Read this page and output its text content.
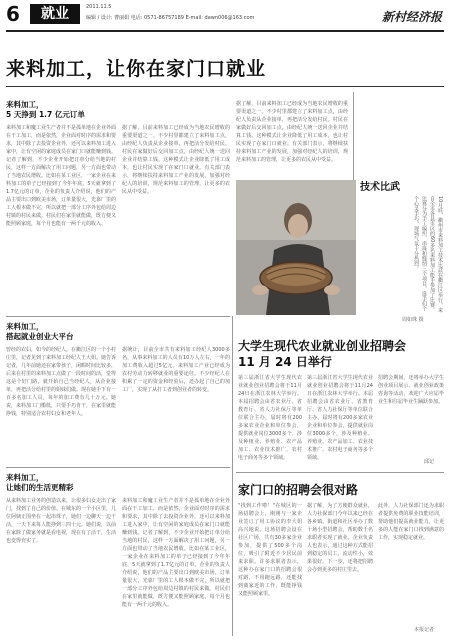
6	就业	2011.11.5
编辑 / 设计: 曹丽娟 电话: 0571-86757189 E-mail: dawn006@163.com	新村经济报
来料加工，让你在家门口就业
来料加工，
5 天挣到 1.7 亿元订单
来料加工和魔工业生产者并不是孤单地在企业外面在干工加工，而是依然，企业面对时序的需求和要求，其中除了去投资企业外，还可以来料加工进入家中，让有空闲的家庭成员在家门口就能赚到钱。记者了解到，不少企业开始把订单分给当地的村民，这样一方面解决了用工问题，另一方面也带动了当地农民增收。比如在某工业区，一家企业在来料加工的单子已经接到了今年年底，5天就拿到了1.7亿元的订单，企业的负责人介绍说，他们的产品主要出口到欧美市场，订单量很大，光靠厂里的工人根本做不完，所以就把一部分工序外包给周边村镇的村民来做。村民们在家里就能做，既方便又能照顾家庭，每个月也能有一两千元的收入。
据了解，目前来料加工已经成为当地农民增收的重要渠道之一。不少村里都建立了来料加工点，由经纪人负责从企业接单，再把活分发给村民。村民在家做好后交回加工点，由经纪人统一送回企业并结算工钱。这种模式让企业降低了用工成本，也让村民实现了在家门口就业。有关部门表示，将继续扶持来料加工产业的发展，加强对经纪人的培训，规范来料加工的管理，让更多的农民从中受益。
据了解，目前来料加工已经成为当地农民增收的重要渠道之一。不少村里都建立了来料加工点，由经纪人负责从企业接单，再把活分发给村民。村民在家做好后交回加工点，由经纪人统一送回企业并结算工钱。这种模式让企业降低了用工成本，也让村民实现了在家门口就业。有关部门表示，将继续扶持来料加工产业的发展，加强对经纪人的培训，规范来料加工的管理，让更多的农民从中受益。
技术比武
10月底，衢州市来料加工技术比武在衢江区举行，来自全市各县市区的60多名来料加工能手参加了比赛。比赛分为手工编织、串珠和缝纫三个项目，选手们个个心灵手巧，现场气氛十分热烈。
周如珠 摄
来料加工，
搭起就业创业大平台
曾经的农妇，如今的经纪人。在衢江区的一个小村庄里，记者见到了来料加工经纪人王大姐。她告诉记者，几年前她还在家带孩子，闲暇时间比较多，后来在村里的来料加工点做了一段时间的活，觉得这是个好门路，就开始自己当经纪人，从企业接单，再把活分给村里的姐妹们做。现在她手下有一百多名加工人员，每年的加工费有几十万元。她说，来料加工门槛低，只要手巧肯干，在家里就能挣钱，特别适合农村妇女和老年人。
据统计，目前全市共有来料加工经纪人3000多名，从事来料加工的人员有10万人左右，一年的加工费收入超过5亿元。来料加工产业已经成为农村劳动力转移就业的重要途径。不少经纪人在积累了一定的资金和经验后，还办起了自己的加工厂，实现了从打工者到创业者的转变。
来料加工，
让她们的生活更精彩
从来料加工业务的创造以来，让很多妇女走出了家门，找到了自己的价值。在城东的一个小区里，几位阿姨正围坐在一起串珠子，她们一边聊天一边干活，一天下来每人能挣到三四十元。她们说，以前在家除了做家务就是看电视，现在有了活干，生活也变得充实了。
来料加工和魔工业生产者并不是孤单地在企业外面在干工加工，而是依然，企业面对时序的需求和要求，其中除了去投资企业外，还可以来料加工进入家中，让有空闲的家庭成员在家门口就能赚到钱。记者了解到，不少企业开始把订单分给当地的村民，这样一方面解决了用工问题，另一方面也带动了当地农民增收。比如在某工业区，一家企业在来料加工的单子已经接到了今年年底，5天就拿到了1.7亿元的订单，企业的负责人介绍说，他们的产品主要出口到欧美市场，订单量很大，光靠厂里的工人根本做不完，所以就把一部分工序外包给周边村镇的村民来做。村民们在家里就能做，既方便又能照顾家庭，每个月也能有一两千元的收入。
大学生现代农业就业创业招聘会
11 月 24 日举行
第三届浙江省大学生现代农业就业创业招聘会将于11月24日在浙江农林大学举行。本届招聘会由省农业厅、省教育厅、省人力社保厅等单位联合主办，届时将有200多家农业企业和单位参会，提供就业岗位3000多个，涉及种植业、养殖业、农产品加工、农业技术推广、农村电子商务等多个领域。
第三届浙江省大学生现代农业就业创业招聘会将于11月24日在浙江农林大学举行。本届招聘会由省农业厅、省教育厅、省人力社保厅等单位联合主办，届时将有200多家农业企业和单位参会，提供就业岗位3000多个，涉及种植业、养殖业、农产品加工、农业技术推广、农村电子商务等多个领域。
招聘会期间，还将举办大学生创业项目展示、就业创业政策咨询等活动，欢迎广大应届毕业生和往届毕业生踊跃参加。
邱记
家门口的招聘会很对路
"找到工作啦！"在城区的一场招聘会上，刚刚与一家企业签订了用工协议的李大姐高兴地说。这场招聘会设在社区广场，共有30多家企业参加，提供了500多个岗位，吸引了附近不少居民前来求职。许多求职者表示，这种办在家门口的招聘会很对路，不用跑远路，还能找到离家近的工作，既能挣钱又能照顾家里。
据了解，为了方便群众就业，人力社保部门今年以来已经在各乡镇、街道和社区举办了数十场小型招聘会，帮助数千名求职者实现了就业。企业负责人也表示，通过这种方式能招到稳定的员工，流动性小，效果很好。下一步，还将把招聘会办到更多的村庄里去。
此外，人力社保部门还为求职者提供免费的职业技能培训，帮助他们提高就业能力，让更多的人能在家门口找到满意的工作，实现稳定就业。
本报记者
